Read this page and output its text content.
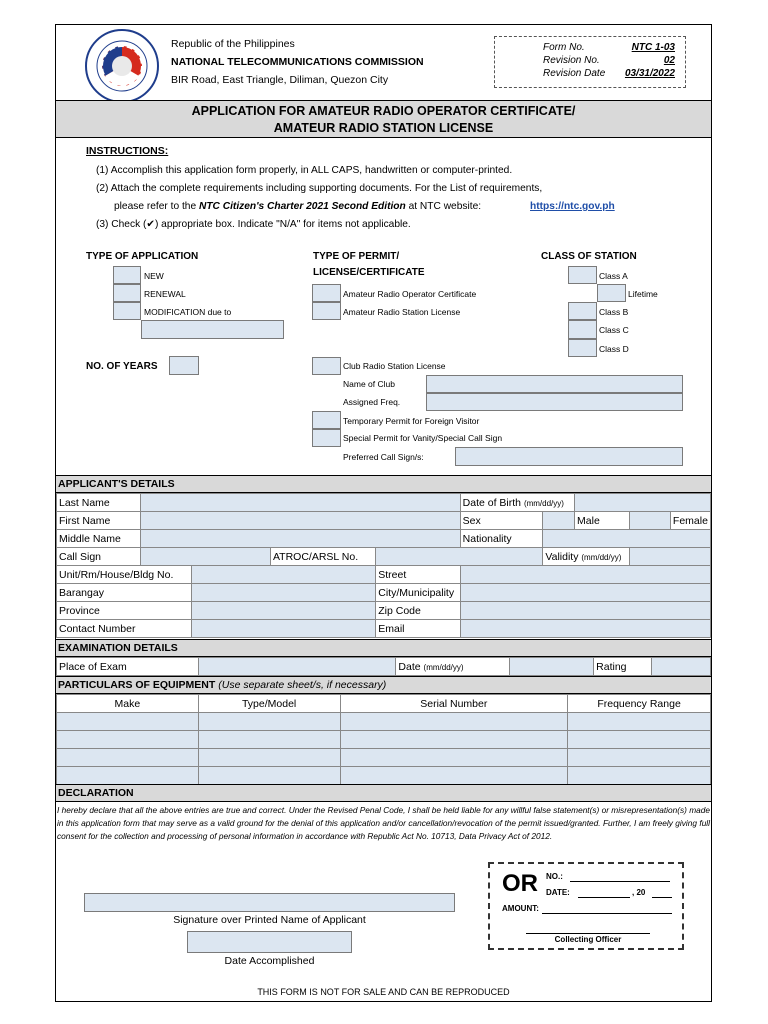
Republic of the Philippines
NATIONAL TELECOMMUNICATIONS COMMISSION
BIR Road, East Triangle, Diliman, Quezon City
Form No.	NTC 1-03
Revision No.	02
Revision Date 03/31/2022
APPLICATION FOR AMATEUR RADIO OPERATOR CERTIFICATE/
AMATEUR RADIO STATION LICENSE
INSTRUCTIONS:
(1) Accomplish this application form properly, in ALL CAPS, handwritten or computer-printed.
(2) Attach the complete requirements including supporting documents. For the List of requirements,
please refer to the NTC Citizen's Charter 2021 Second Edition at NTC website:	https://ntc.gov.ph
(3) Check (✔) appropriate box. Indicate "N/A" for items not applicable.
TYPE OF APPLICATION
NEW
RENEWAL
MODIFICATION due to
NO. OF YEARS
TYPE OF PERMIT/
LICENSE/CERTIFICATE
Amateur Radio Operator Certificate
Amateur Radio Station License
Club Radio Station License
Name of Club
Assigned Freq.
Temporary Permit for Foreign Visitor
Special Permit for Vanity/Special Call Sign
Preferred Call Sign/s:
CLASS OF STATION
Class A
Lifetime
Class B
Class C
Class D
APPLICANT'S DETAILS
Last Name					Date of Birth (mm/dd/yy)				
First Name					Sex		Male		Female
Middle Name					Nationality				
Call Sign			ATROC/ARSL No.			Validity (mm/dd/yy)			
Unit/Rm/House/Bldg No.				Street					
Barangay				City/Municipality					
Province				Zip Code					
Contact Number				Email					
EXAMINATION DETAILS
Place of Exam		Date (mm/dd/yy)		Rating	
PARTICULARS OF EQUIPMENT (Use separate sheet/s, if necessary)
Make	Type/Model	Serial Number	Frequency Range

DECLARATION
I hereby declare that all the above entries are true and correct. Under the Revised Penal Code, I shall be held liable for any willful false statement(s) or misrepresentation(s) made in this application form that may serve as a valid ground for the denial of this application and/or cancellation/revocation of the permit issued/granted. Further, I am freely giving full consent for the collection and processing of personal information in accordance with Republic Act No. 10713, Data Privacy Act of 2012.
Signature over Printed Name of Applicant
Date Accomplished
OR NO.:
DATE:	, 20
AMOUNT:
Collecting Officer
THIS FORM IS NOT FOR SALE AND CAN BE REPRODUCED
